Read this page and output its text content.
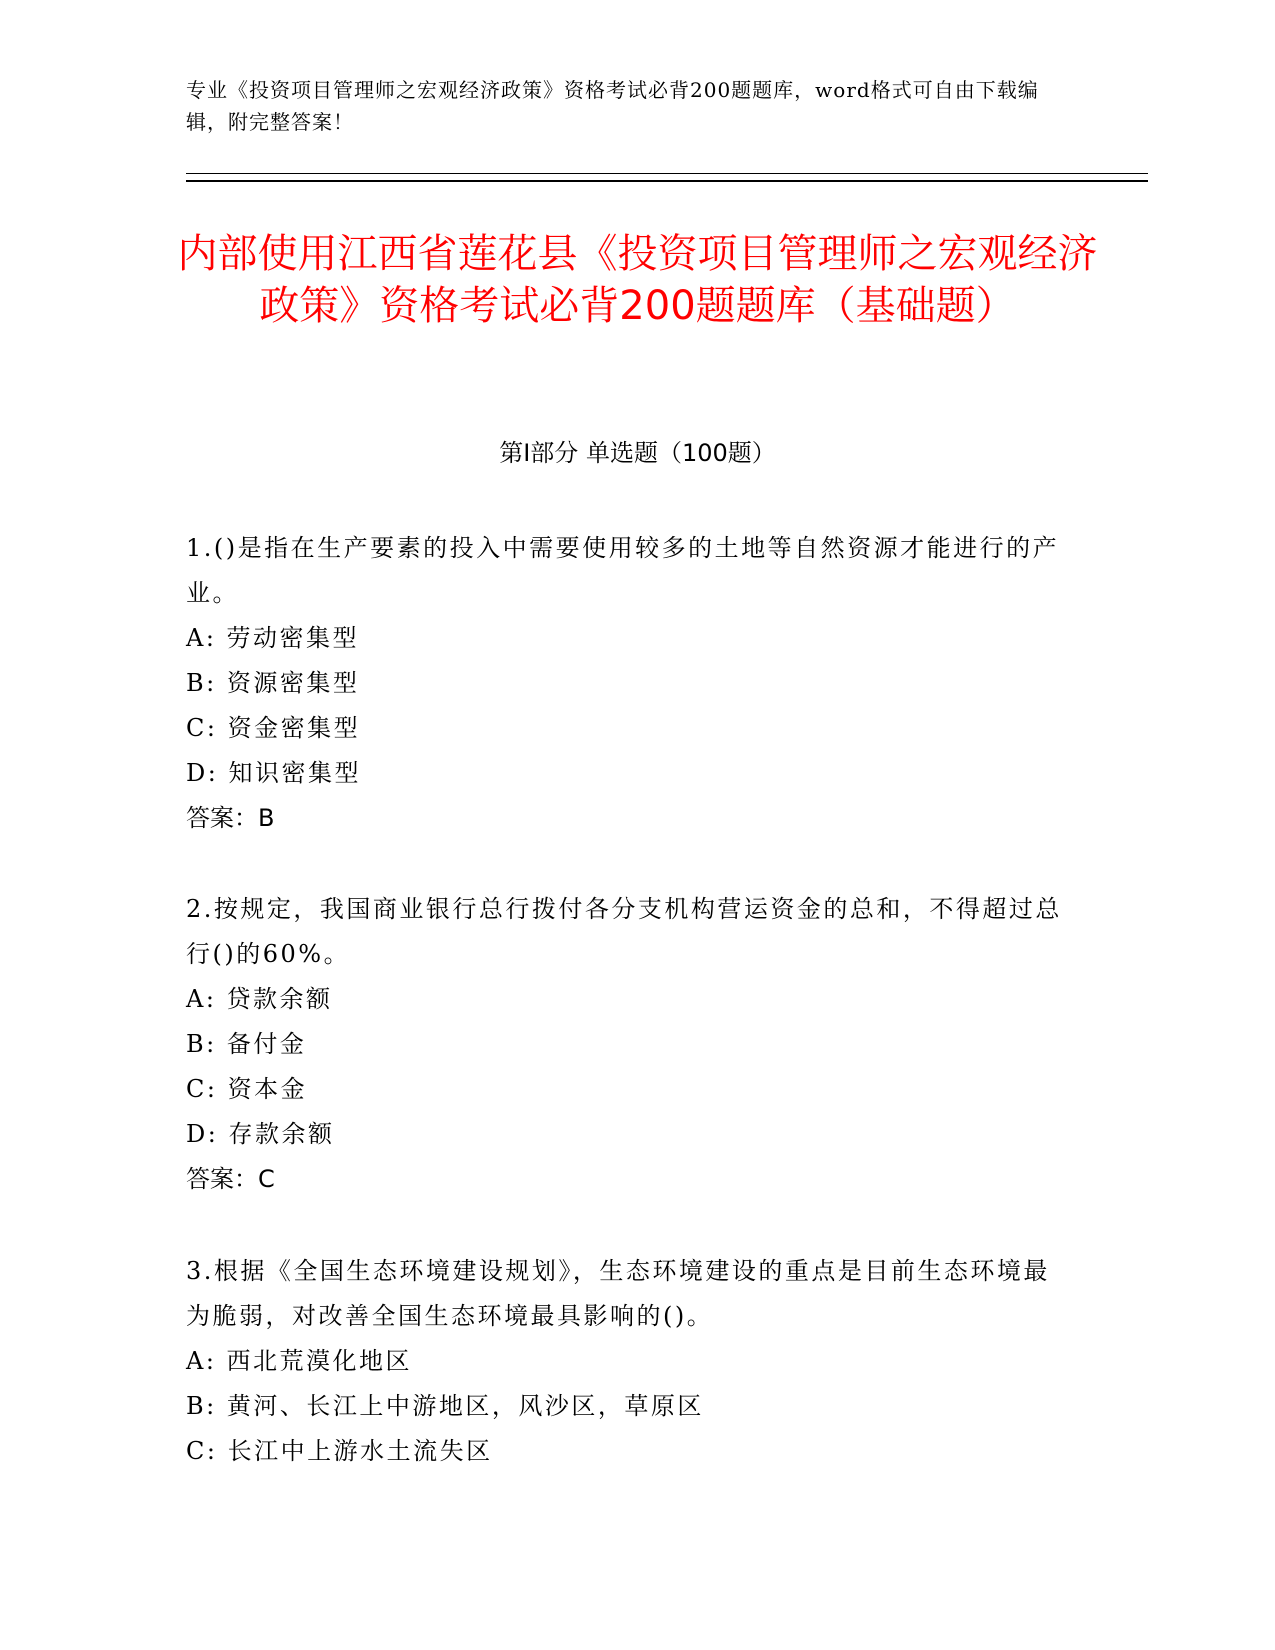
专业《投资项目管理师之宏观经济政策》资格考试必背200题题库，word格式可自由下载编辑，附完整答案！
内部使用江西省莲花县《投资项目管理师之宏观经济政策》资格考试必背200题题库（基础题）
第I部分 单选题（100题）
1.()是指在生产要素的投入中需要使用较多的土地等自然资源才能进行的产业。
A: 劳动密集型
B: 资源密集型
C: 资金密集型
D: 知识密集型
答案：B
2.按规定，我国商业银行总行拨付各分支机构营运资金的总和，不得超过总行()的60%。
A: 贷款余额
B: 备付金
C: 资本金
D: 存款余额
答案：C
3.根据《全国生态环境建设规划》，生态环境建设的重点是目前生态环境最为脆弱，对改善全国生态环境最具影响的()。
A: 西北荒漠化地区
B: 黄河、长江上中游地区，风沙区，草原区
C: 长江中上游水土流失区
